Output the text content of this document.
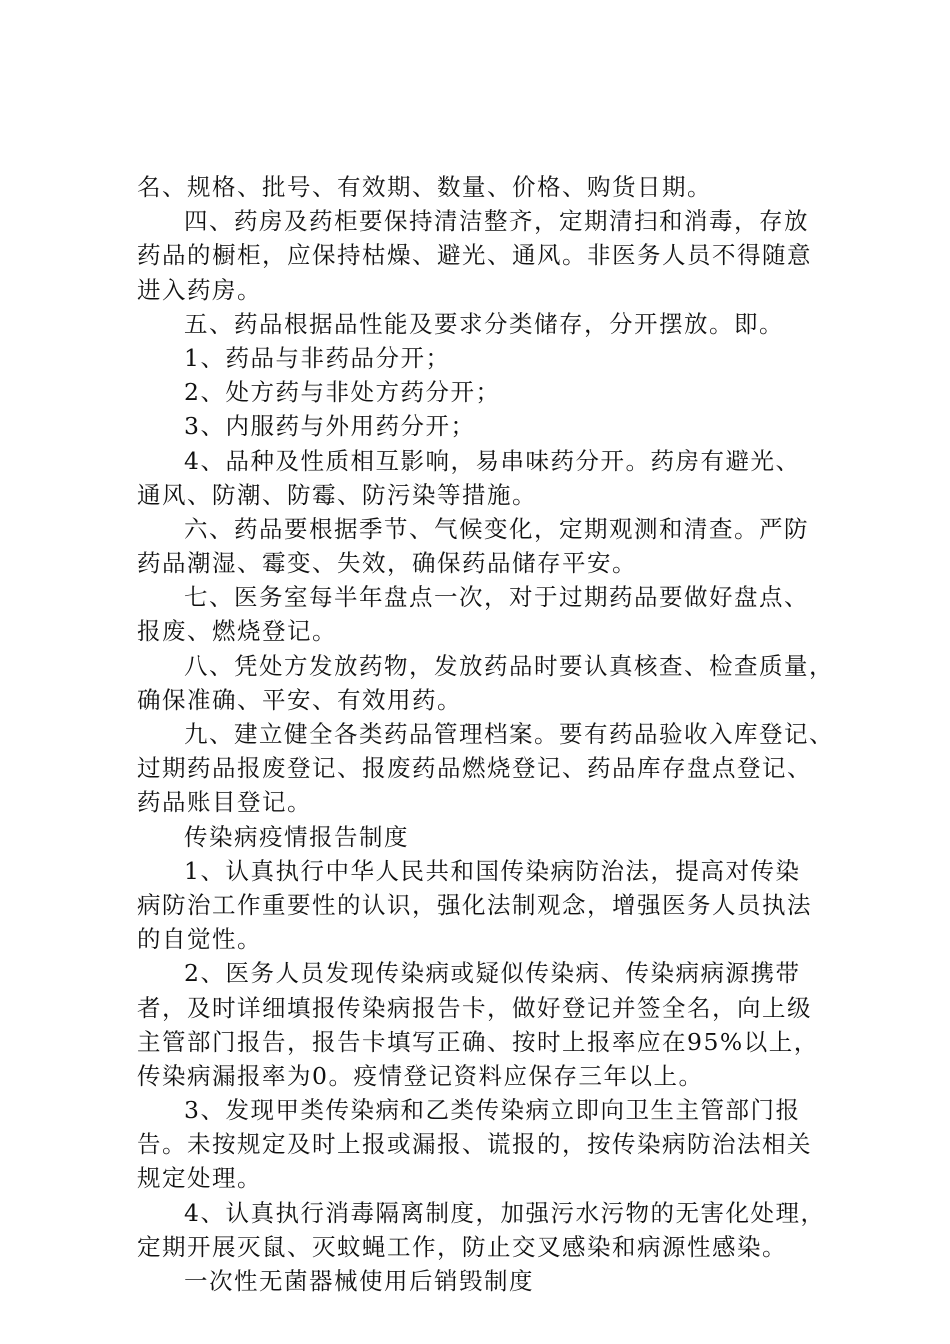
名、规格、批号、有效期、数量、价格、购货日期。
四、药房及药柜要保持清洁整齐，定期清扫和消毒，存放
药品的橱柜，应保持枯燥、避光、通风。非医务人员不得随意
进入药房。
五、药品根据品性能及要求分类储存，分开摆放。即。
1、药品与非药品分开；
2、处方药与非处方药分开；
3、内服药与外用药分开；
4、品种及性质相互影响，易串味药分开。药房有避光、
通风、防潮、防霉、防污染等措施。
六、药品要根据季节、气候变化，定期观测和清查。严防
药品潮湿、霉变、失效，确保药品储存平安。
七、医务室每半年盘点一次，对于过期药品要做好盘点、
报废、燃烧登记。
八、凭处方发放药物，发放药品时要认真核查、检查质量，
确保准确、平安、有效用药。
九、建立健全各类药品管理档案。要有药品验收入库登记、
过期药品报废登记、报废药品燃烧登记、药品库存盘点登记、
药品账目登记。
传染病疫情报告制度
1、认真执行中华人民共和国传染病防治法，提高对传染
病防治工作重要性的认识，强化法制观念，增强医务人员执法
的自觉性。
2、医务人员发现传染病或疑似传染病、传染病病源携带
者，及时详细填报传染病报告卡，做好登记并签全名，向上级
主管部门报告，报告卡填写正确、按时上报率应在95%以上，
传染病漏报率为0。疫情登记资料应保存三年以上。
3、发现甲类传染病和乙类传染病立即向卫生主管部门报
告。未按规定及时上报或漏报、谎报的，按传染病防治法相关
规定处理。
4、认真执行消毒隔离制度，加强污水污物的无害化处理，
定期开展灭鼠、灭蚊蝇工作，防止交叉感染和病源性感染。
一次性无菌器械使用后销毁制度
